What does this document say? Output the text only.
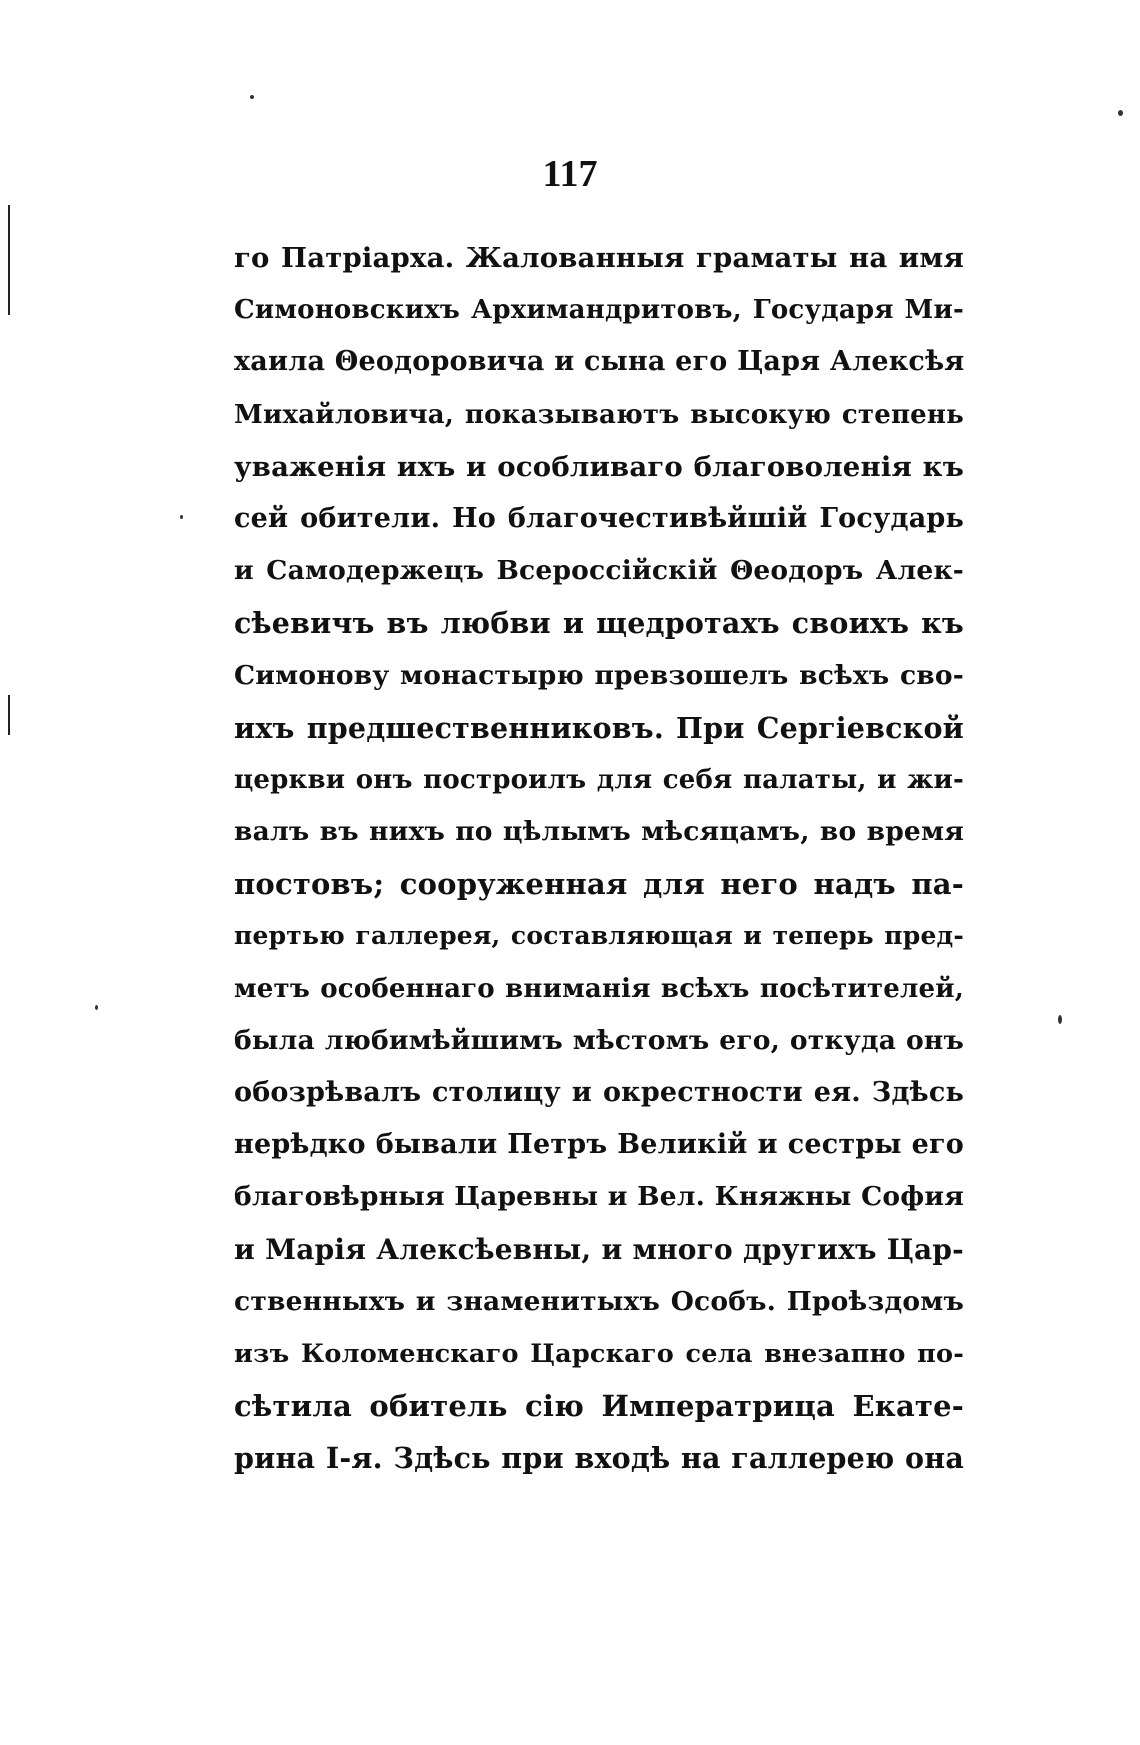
117
го Патріарха. Жалованныя граматы на имя
Симоновскихъ Архимандритовъ, Государя Ми-
хаила Θеодоровича и сына его Царя Алексѣя
Михайловича, показываютъ высокую степень
уваженія ихъ и особливаго благоволенія къ
сей обители. Но благочестивѣйшій Государь
и Самодержецъ Всероссійскій Θеодоръ Алек-
сѣевичъ въ любви и щедротахъ своихъ къ
Симонову монастырю превзошелъ всѣхъ сво-
ихъ предшественниковъ. При Сергіевской
церкви онъ построилъ для себя палаты, и жи-
валъ въ нихъ по цѣлымъ мѣсяцамъ, во время
постовъ; сооруженная для него надъ па-
пертью галлерея, составляющая и теперь пред-
метъ особеннаго вниманія всѣхъ посѣтителей,
была любимѣйшимъ мѣстомъ его, откуда онъ
обозрѣвалъ столицу и окрестности ея. Здѣсь
нерѣдко бывали Петръ Великій и сестры его
благовѣрныя Царевны и Вел. Княжны София
и Марія Алексѣевны, и много другихъ Цар-
ственныхъ и знаменитыхъ Особъ. Проѣздомъ
изъ Коломенскаго Царскаго села внезапно по-
сѣтила обитель сію Императрица Екате-
рина І-я. Здѣсь при входѣ на галлерею она
